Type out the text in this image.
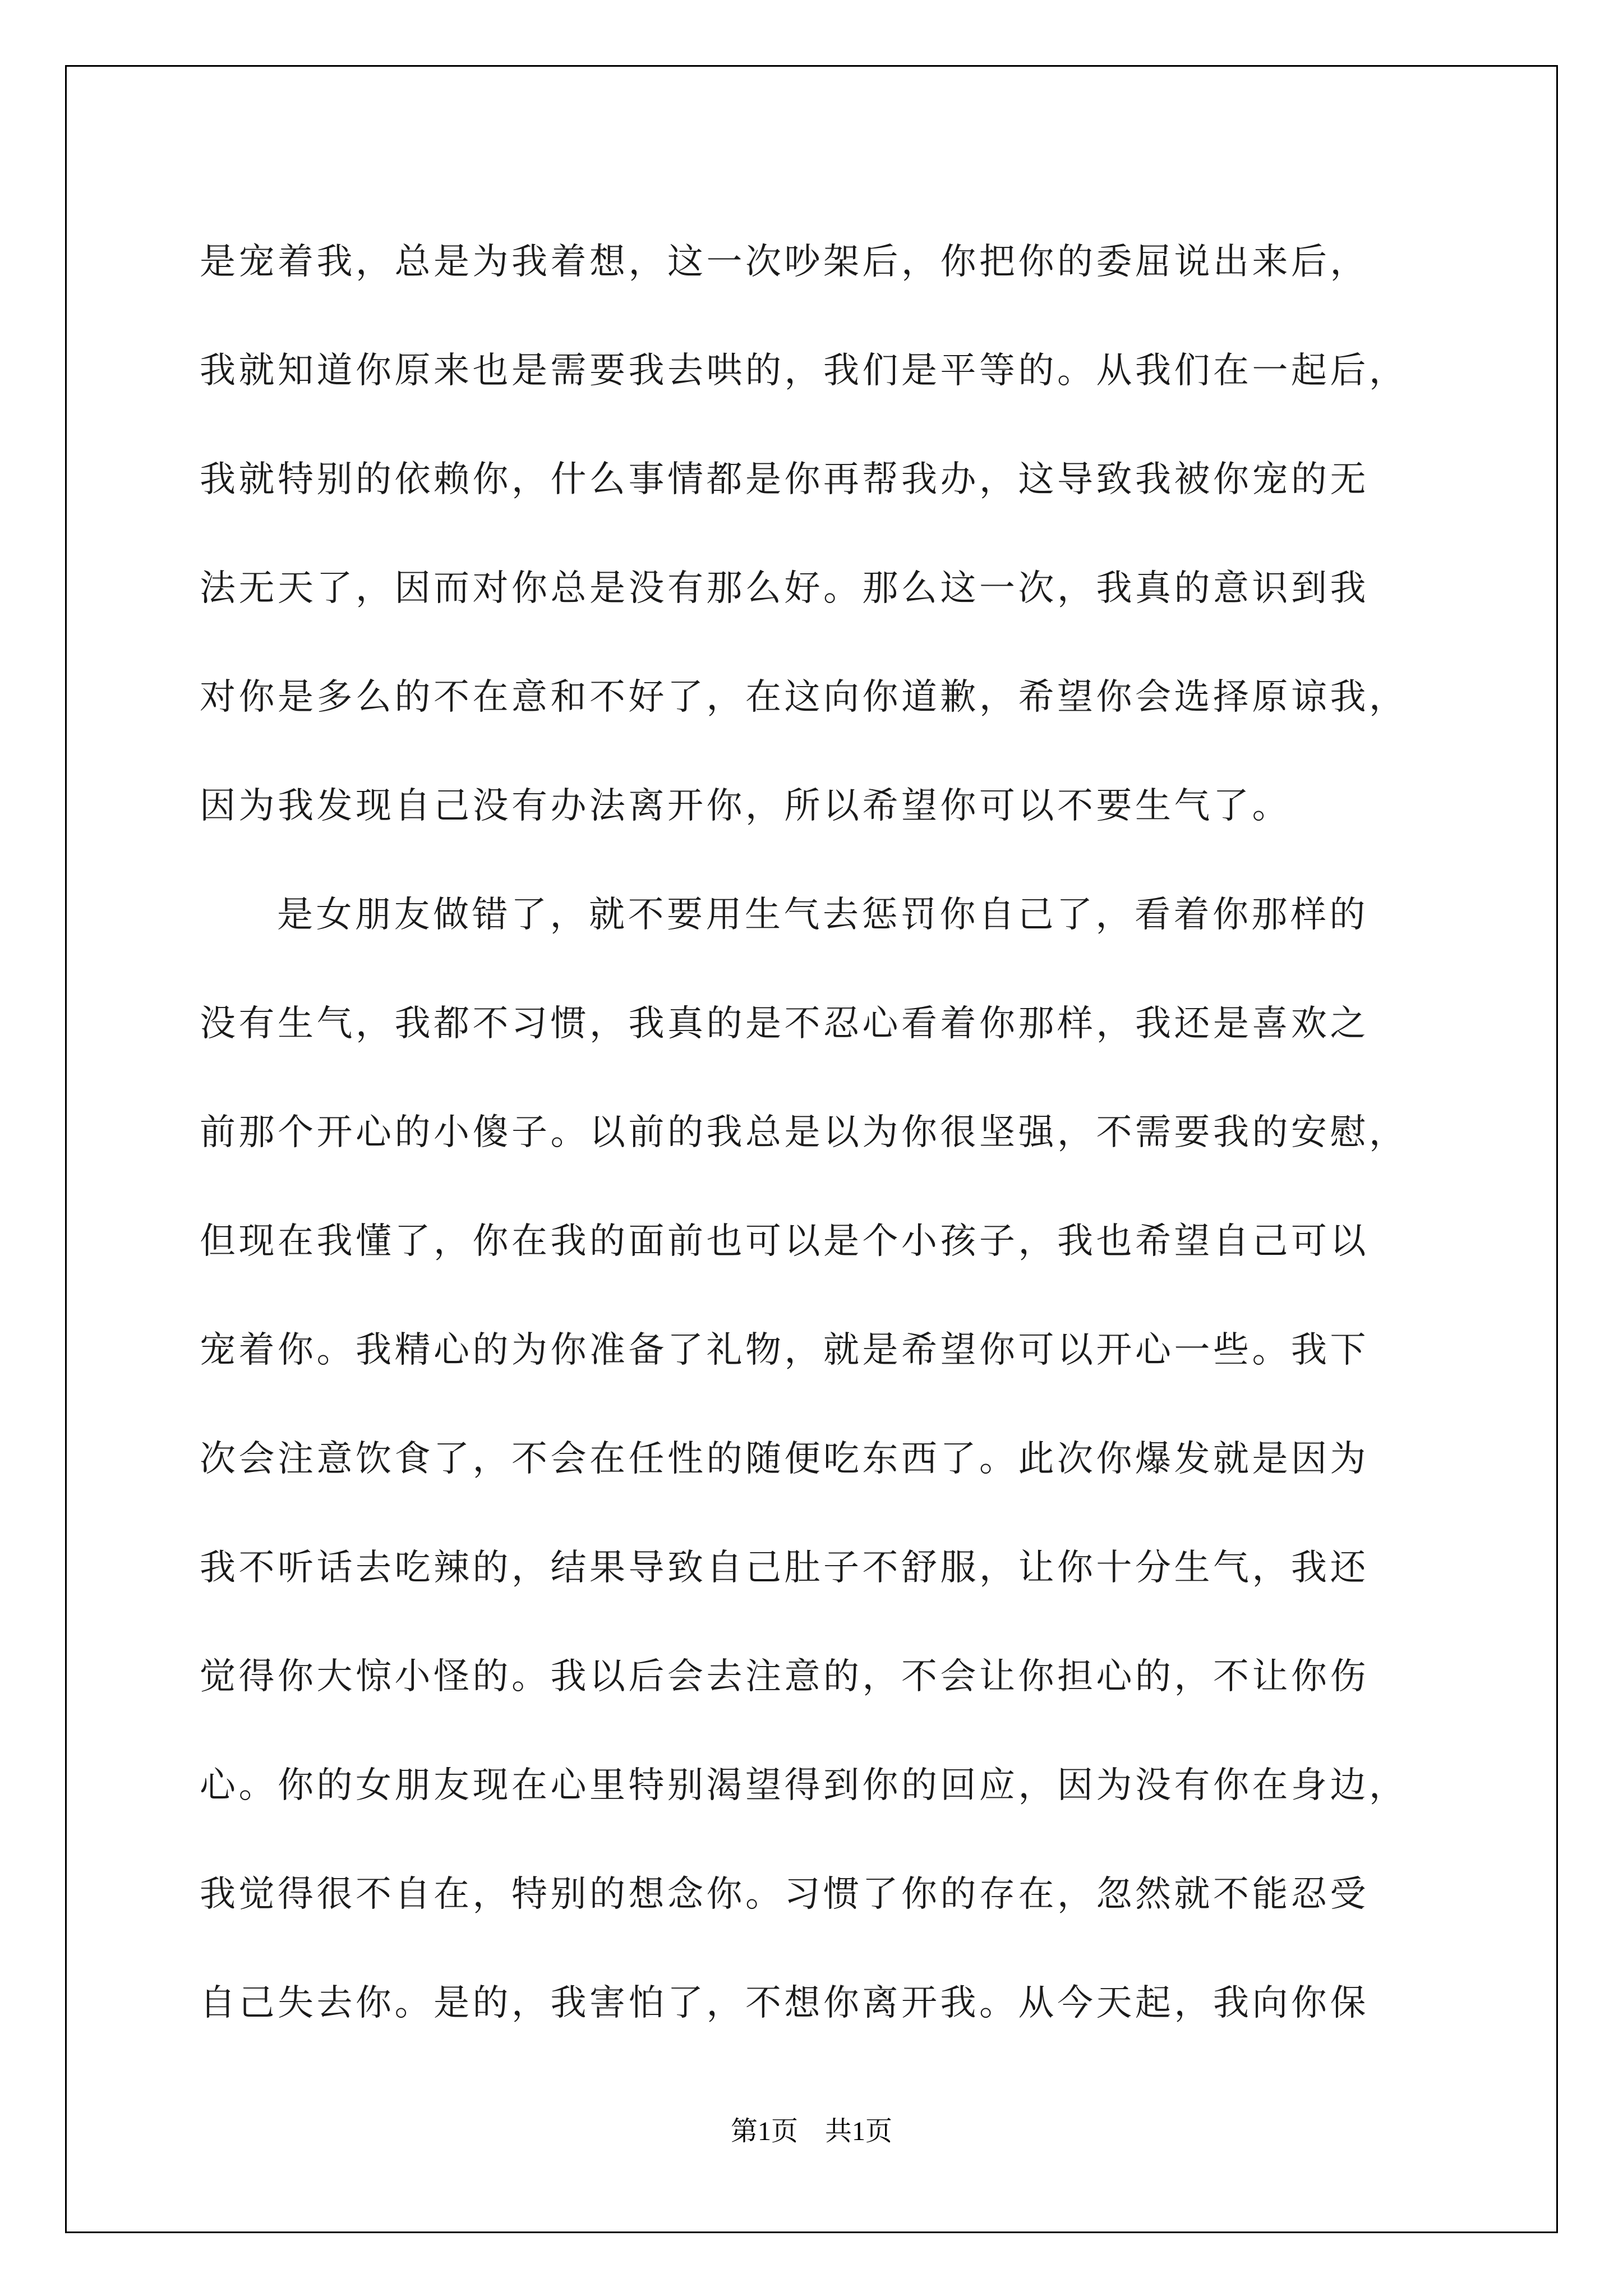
是宠着我，总是为我着想，这一次吵架后，你把你的委屈说出来后，
我就知道你原来也是需要我去哄的，我们是平等的。从我们在一起后，
我就特别的依赖你，什么事情都是你再帮我办，这导致我被你宠的无
法无天了，因而对你总是没有那么好。那么这一次，我真的意识到我
对你是多么的不在意和不好了，在这向你道歉，希望你会选择原谅我，
因为我发现自己没有办法离开你，所以希望你可以不要生气了。
是女朋友做错了，就不要用生气去惩罚你自己了，看着你那样的
没有生气，我都不习惯，我真的是不忍心看着你那样，我还是喜欢之
前那个开心的小傻子。以前的我总是以为你很坚强，不需要我的安慰，
但现在我懂了，你在我的面前也可以是个小孩子，我也希望自己可以
宠着你。我精心的为你准备了礼物，就是希望你可以开心一些。我下
次会注意饮食了，不会在任性的随便吃东西了。此次你爆发就是因为
我不听话去吃辣的，结果导致自己肚子不舒服，让你十分生气，我还
觉得你大惊小怪的。我以后会去注意的，不会让你担心的，不让你伤
心。你的女朋友现在心里特别渴望得到你的回应，因为没有你在身边，
我觉得很不自在，特别的想念你。习惯了你的存在，忽然就不能忍受
自己失去你。是的，我害怕了，不想你离开我。从今天起，我向你保
第1页 共1页
